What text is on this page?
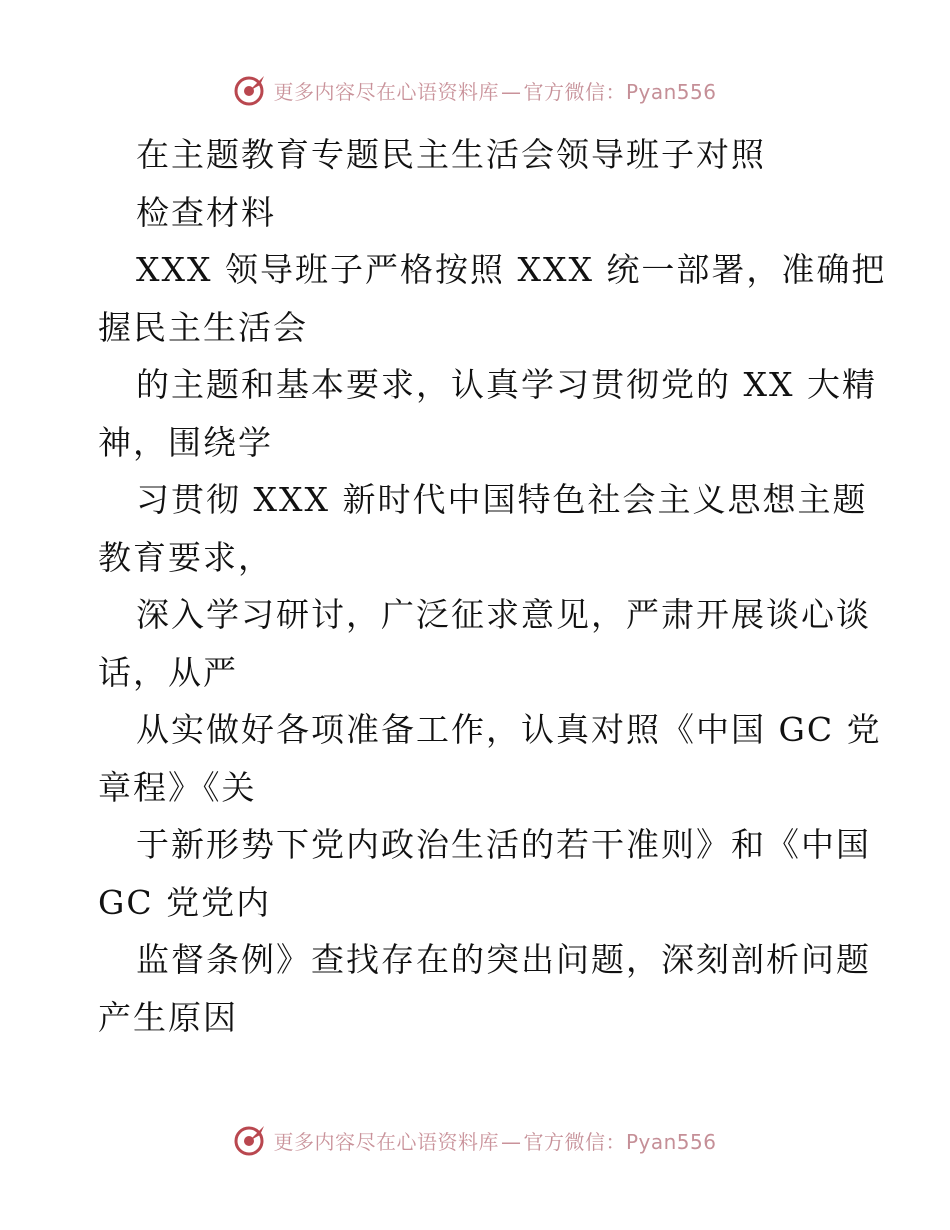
更多内容尽在心语资料库 — 官方微信：Pyan556
在主题教育专题民主生活会领导班子对照
检查材料
XXX 领导班子严格按照 XXX 统一部署，准确把
握民主生活会
的主题和基本要求，认真学习贯彻党的 XX 大精
神，围绕学
习贯彻 XXX 新时代中国特色社会主义思想主题
教育要求，
深入学习研讨，广泛征求意见，严肃开展谈心谈
话，从严
从实做好各项准备工作，认真对照《中国 GC 党
章程》《关
于新形势下党内政治生活的若干准则》和《中国
GC 党党内
监督条例》查找存在的突出问题，深刻剖析问题
产生原因
更多内容尽在心语资料库 — 官方微信：Pyan556
